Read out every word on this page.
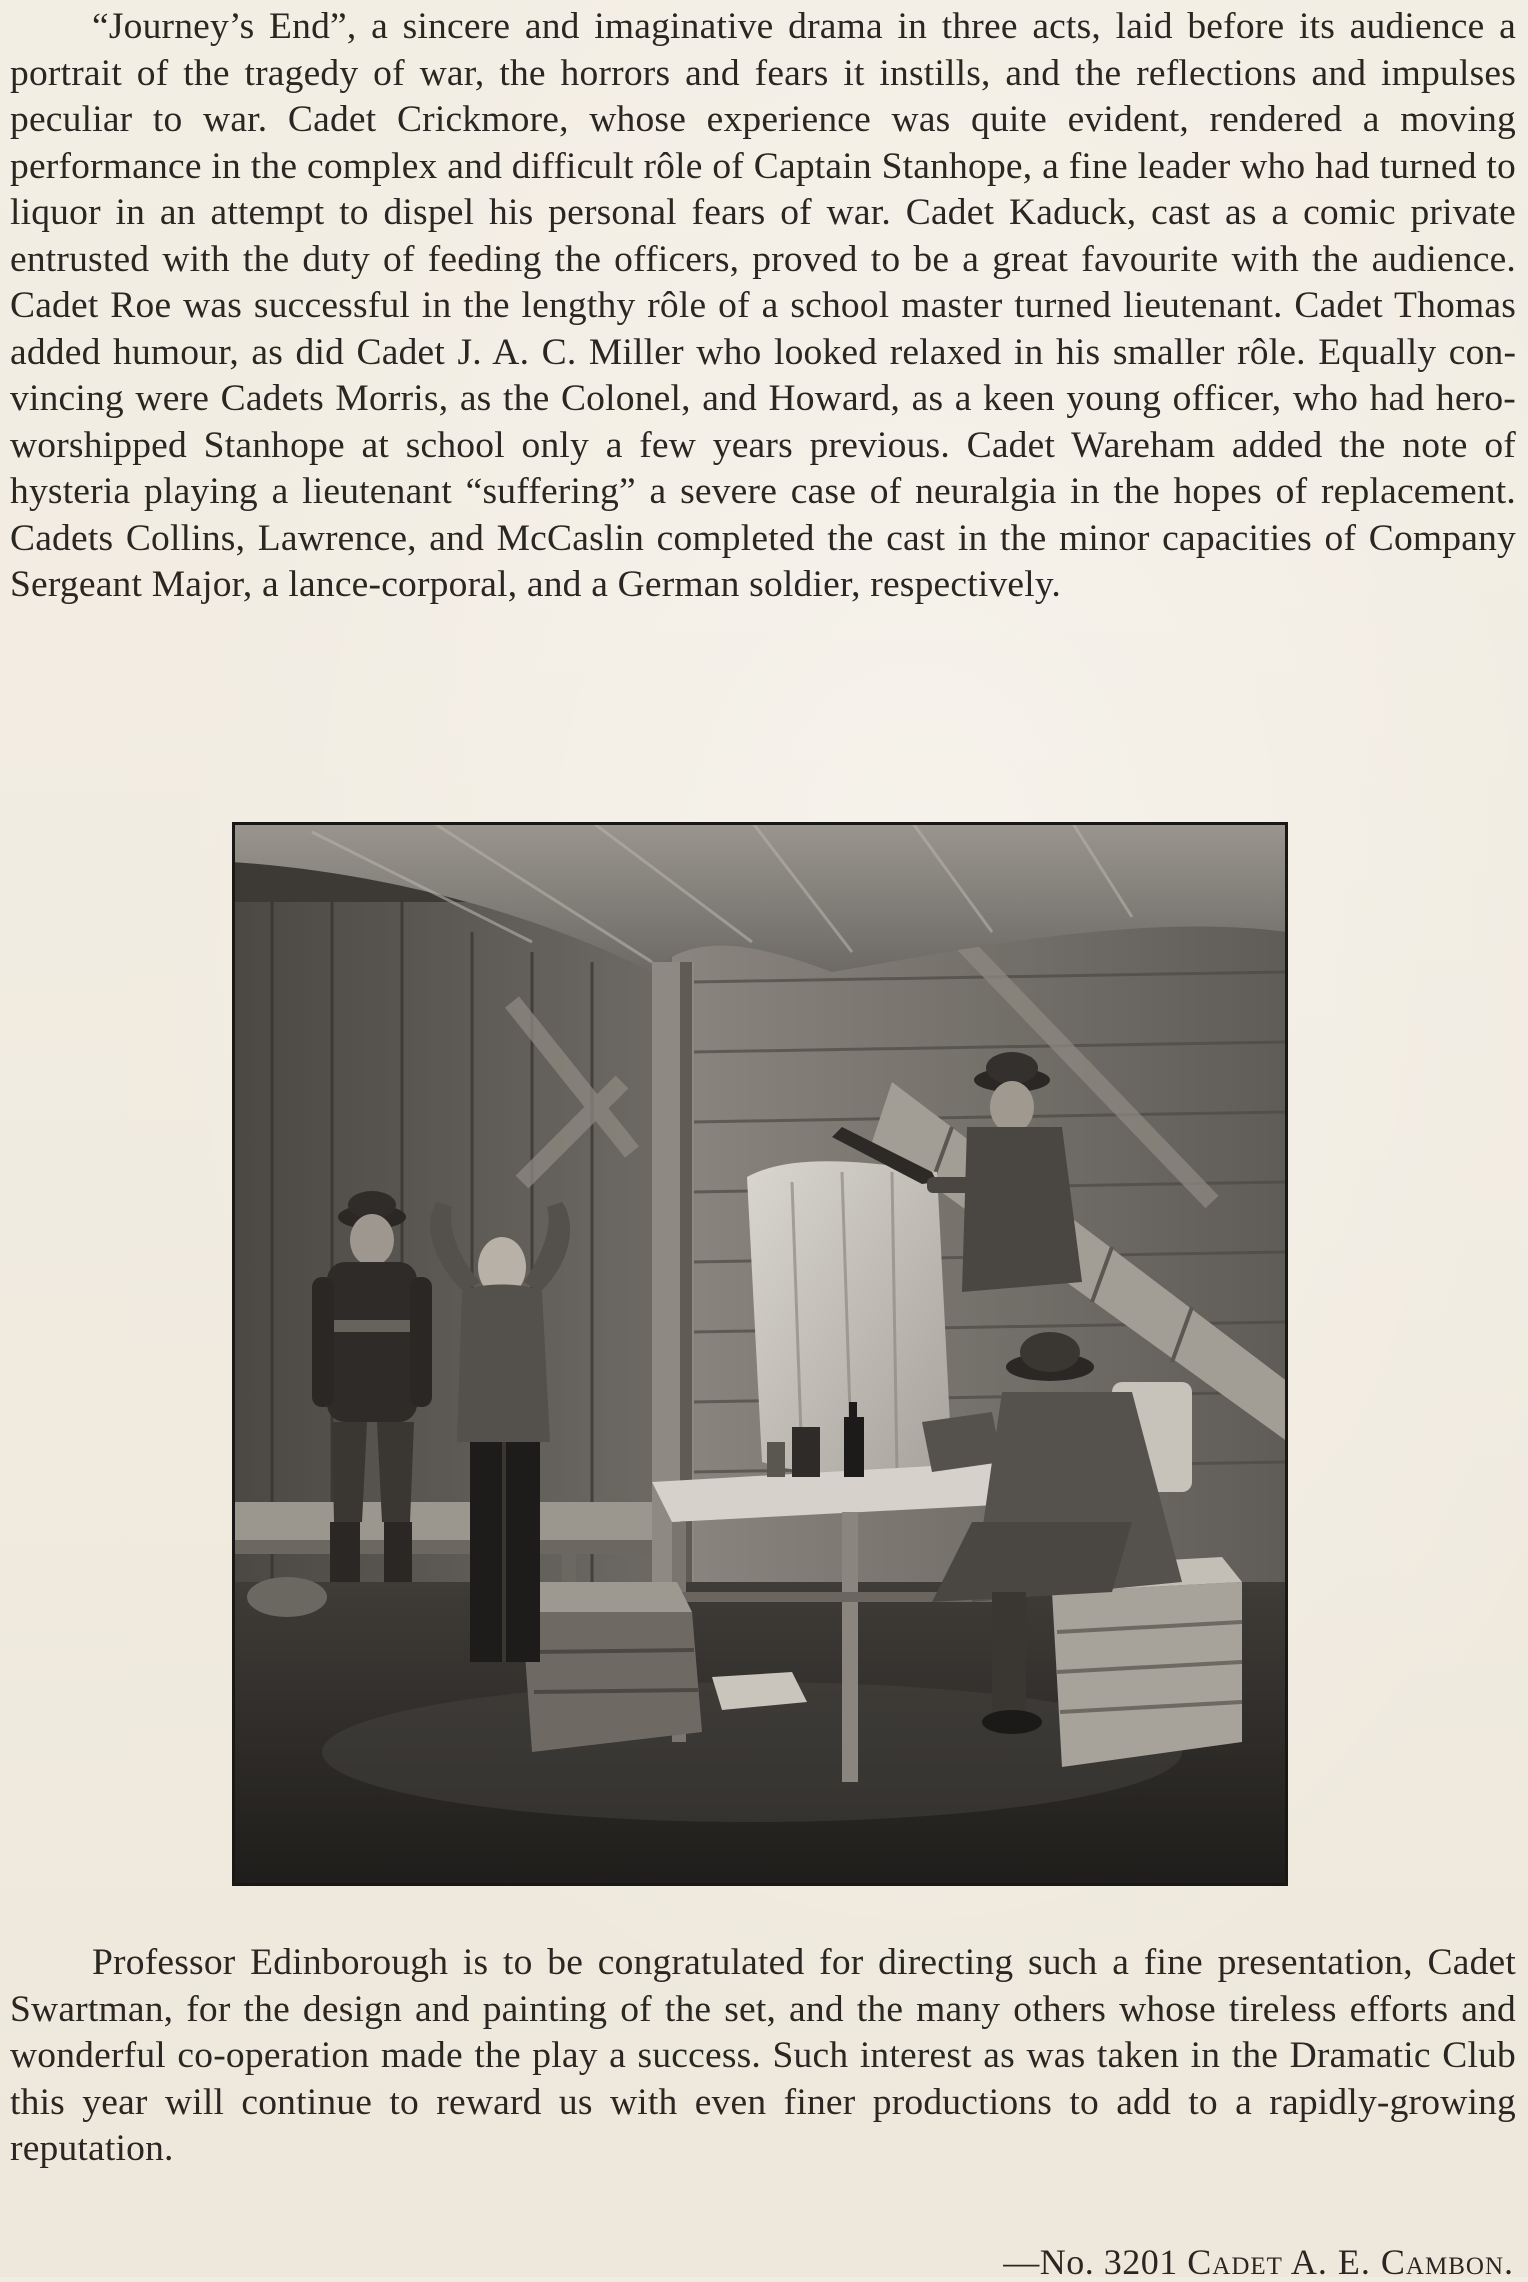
“Journey’s End”, a sincere and imaginative drama in three acts, laid before its audience a portrait of the tragedy of war, the horrors and fears it instills, and the reflections and impulses peculiar to war. Cadet Crickmore, whose experience was quite evident, rendered a moving performance in the complex and difficult rôle of Captain Stanhope, a fine leader who had turned to liquor in an attempt to dispel his personal fears of war. Cadet Kaduck, cast as a comic private entrusted with the duty of feeding the officers, proved to be a great favourite with the audience. Cadet Roe was successful in the lengthy rôle of a school master turned lieutenant. Cadet Thomas added humour, as did Cadet J. A. C. Miller who looked relaxed in his smaller rôle. Equally convincing were Cadets Morris, as the Colonel, and Howard, as a keen young officer, who had hero-worshipped Stanhope at school only a few years previous. Cadet Wareham added the note of hysteria playing a lieutenant “suffering” a severe case of neuralgia in the hopes of replacement. Cadets Collins, Lawrence, and McCaslin completed the cast in the minor capacities of Company Sergeant Major, a lance-corporal, and a German soldier, respectively.

Professor Edinborough is to be congratulated for directing such a fine presentation, Cadet Swartman, for the design and painting of the set, and the many others whose tireless efforts and wonderful co-operation made the play a success. Such interest as was taken in the Dramatic Club this year will continue to reward us with even finer productions to add to a rapidly-growing reputation.

—No. 3201 Cadet A. E. Cambon.
